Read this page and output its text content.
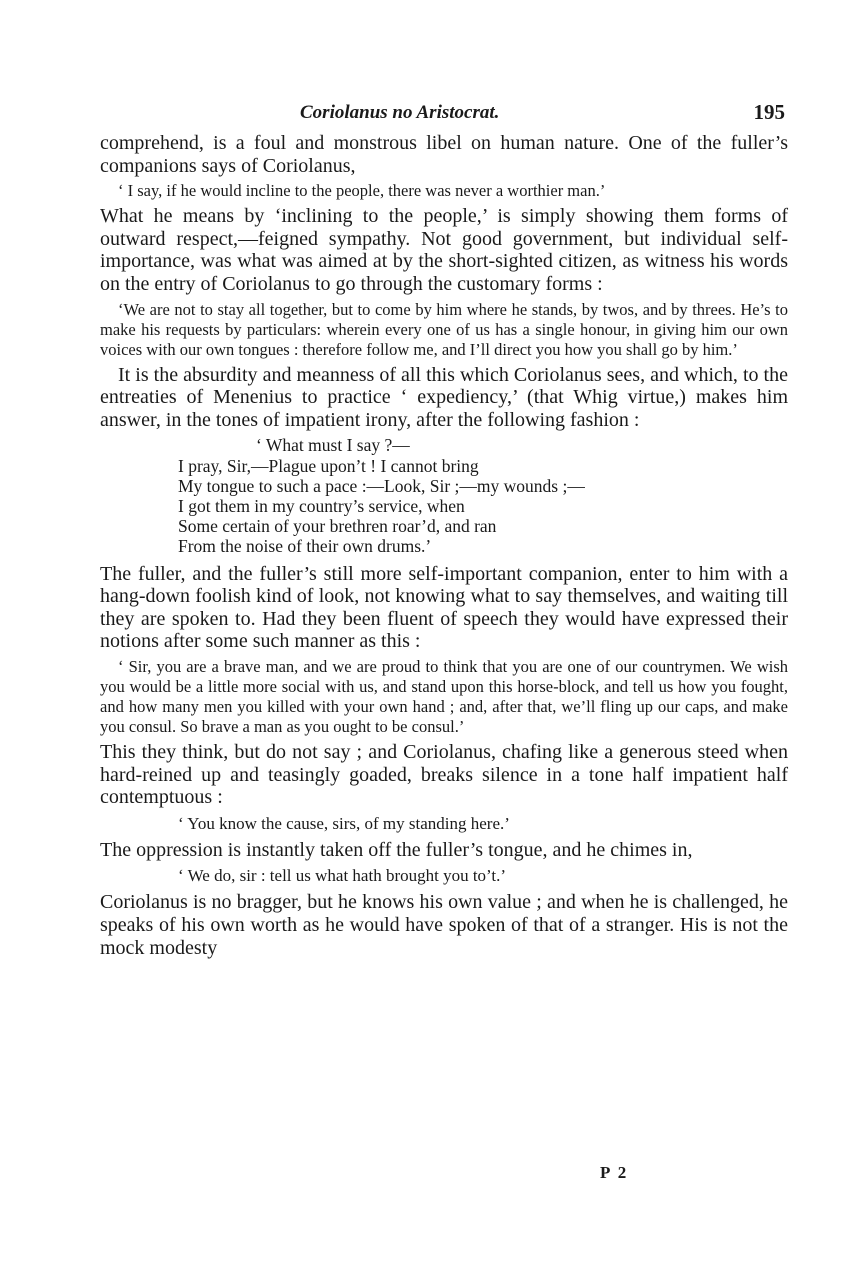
Coriolanus no Aristocrat.	195

comprehend, is a foul and monstrous libel on human nature. One of the fuller’s companions says of Coriolanus,

‘ I say, if he would incline to the people, there was never a worthier man.’

What he means by ‘inclining to the people,’ is simply showing them forms of outward respect,—feigned sympathy. Not good government, but individual self-importance, was what was aimed at by the short-sighted citizen, as witness his words on the entry of Coriolanus to go through the customary forms :

‘We are not to stay all together, but to come by him where he stands, by twos, and by threes. He’s to make his requests by particulars: wherein every one of us has a single honour, in giving him our own voices with our own tongues : therefore follow me, and I’ll direct you how you shall go by him.’

It is the absurdity and meanness of all this which Coriolanus sees, and which, to the entreaties of Menenius to practice ‘ expediency,’ (that Whig virtue,) makes him answer, in the tones of impatient irony, after the following fashion :

‘ What must I say ?—
I pray, Sir,—Plague upon’t ! I cannot bring
My tongue to such a pace :—Look, Sir ;—my wounds ;—
I got them in my country’s service, when
Some certain of your brethren roar’d, and ran
From the noise of their own drums.’

The fuller, and the fuller’s still more self-important companion, enter to him with a hang-down foolish kind of look, not knowing what to say themselves, and waiting till they are spoken to. Had they been fluent of speech they would have expressed their notions after some such manner as this :

‘ Sir, you are a brave man, and we are proud to think that you are one of our countrymen. We wish you would be a little more social with us, and stand upon this horse-block, and tell us how you fought, and how many men you killed with your own hand ; and, after that, we’ll fling up our caps, and make you consul. So brave a man as you ought to be consul.’

This they think, but do not say ; and Coriolanus, chafing like a generous steed when hard-reined up and teasingly goaded, breaks silence in a tone half impatient half contemptuous :

‘ You know the cause, sirs, of my standing here.’

The oppression is instantly taken off the fuller’s tongue, and he chimes in,

‘ We do, sir : tell us what hath brought you to’t.’

Coriolanus is no bragger, but he knows his own value ; and when he is challenged, he speaks of his own worth as he would have spoken of that of a stranger. His is not the mock modesty

P 2
